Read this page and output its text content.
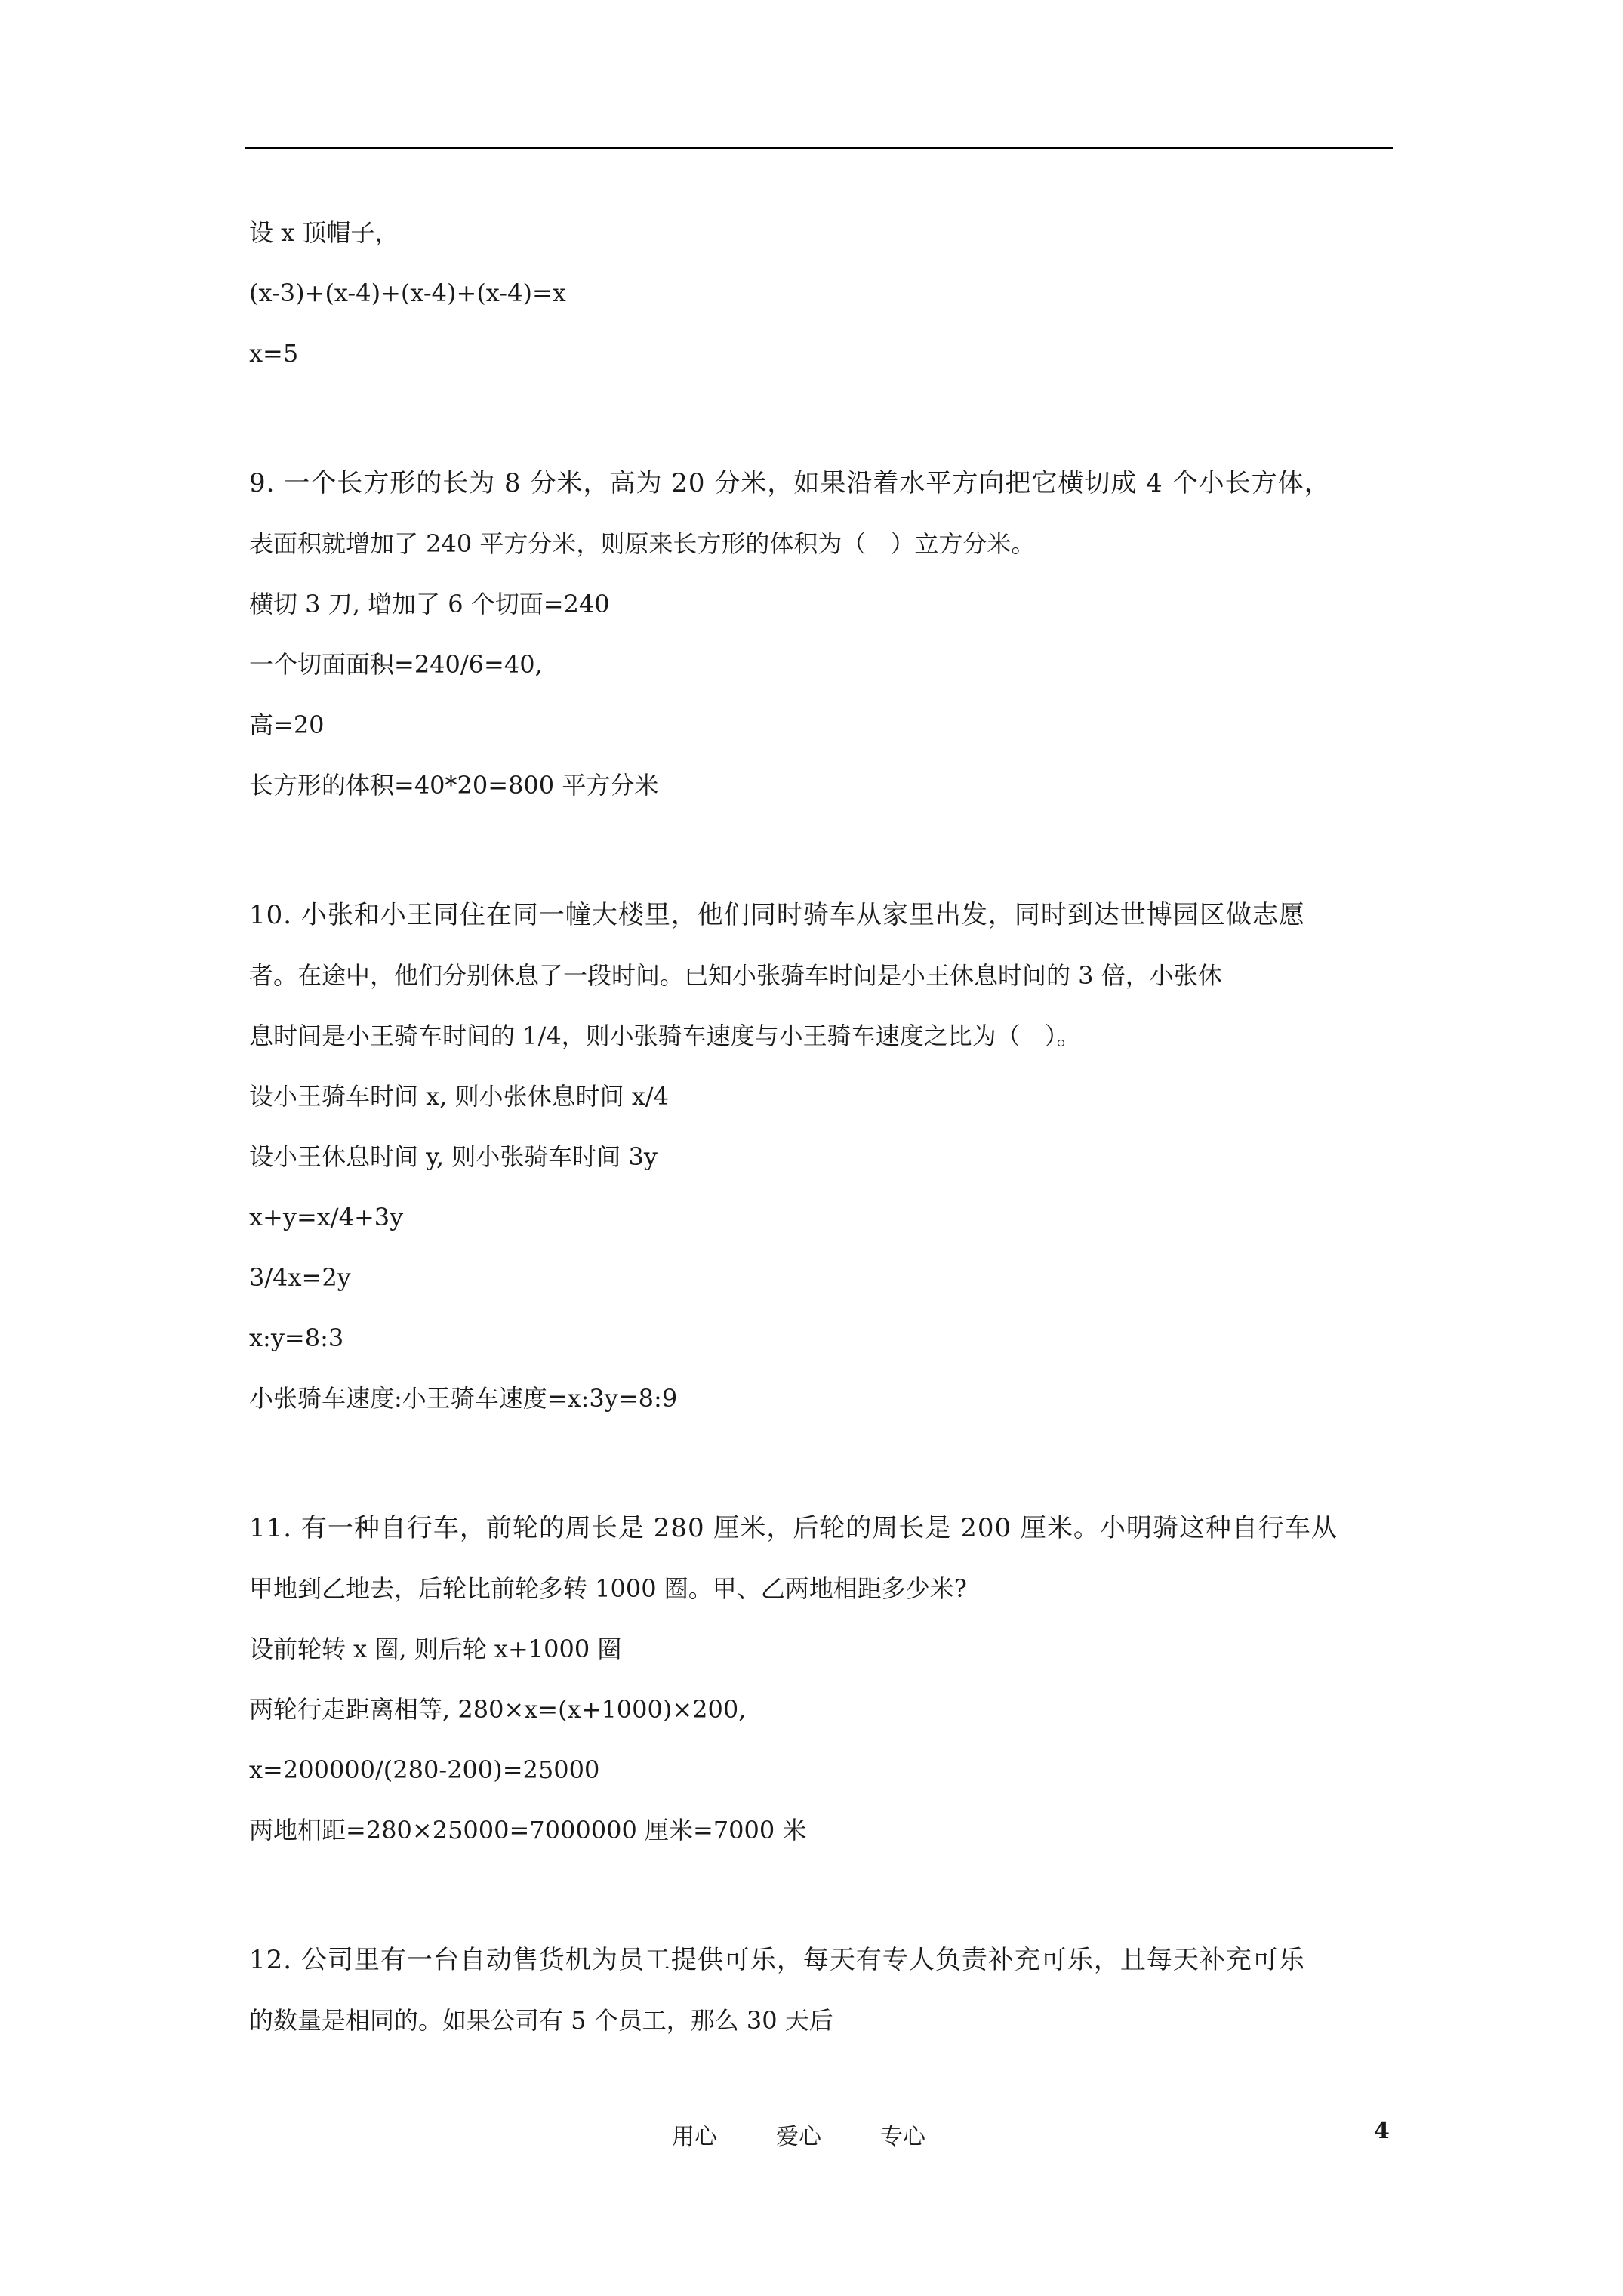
设 x 顶帽子，
(x-3)+(x-4)+(x-4)+(x-4)=x
x=5
9. 一个长方形的长为 8 分米，高为 20 分米，如果沿着水平方向把它横切成 4 个小长方体，
表面积就增加了 240 平方分米，则原来长方形的体积为（　）立方分米。
横切 3 刀, 增加了 6 个切面=240
一个切面面积=240/6=40,
高=20
长方形的体积=40*20=800 平方分米
10. 小张和小王同住在同一幢大楼里，他们同时骑车从家里出发，同时到达世博园区做志愿
者。在途中，他们分别休息了一段时间。已知小张骑车时间是小王休息时间的 3 倍，小张休
息时间是小王骑车时间的 1/4，则小张骑车速度与小王骑车速度之比为（　）。
设小王骑车时间 x, 则小张休息时间 x/4
设小王休息时间 y, 则小张骑车时间 3y
x+y=x/4+3y
3/4x=2y
x:y=8:3
小张骑车速度:小王骑车速度=x:3y=8:9
11. 有一种自行车，前轮的周长是 280 厘米，后轮的周长是 200 厘米。小明骑这种自行车从
甲地到乙地去，后轮比前轮多转 1000 圈。甲、乙两地相距多少米?
设前轮转 x 圈, 则后轮 x+1000 圈
两轮行走距离相等, 280×x=(x+1000)×200,
x=200000/(280-200)=25000
两地相距=280×25000=7000000 厘米=7000 米
12. 公司里有一台自动售货机为员工提供可乐，每天有专人负责补充可乐，且每天补充可乐
的数量是相同的。如果公司有 5 个员工，那么 30 天后
用心	爱心	专心	4
